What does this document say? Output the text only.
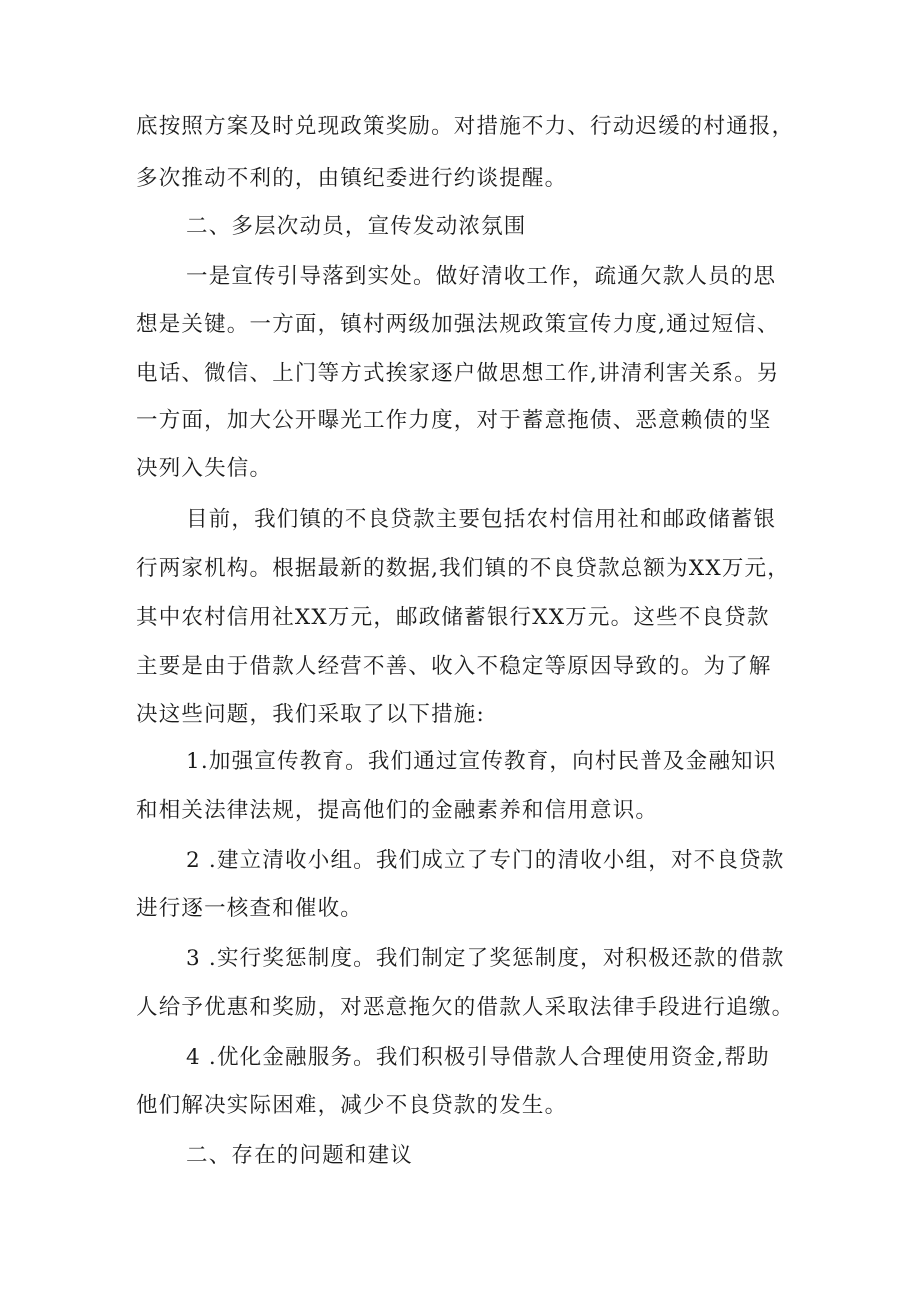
底按照方案及时兑现政策奖励。对措施不力、行动迟缓的村通报，
多次推动不利的，由镇纪委进行约谈提醒。
二、多层次动员，宣传发动浓氛围
一是宣传引导落到实处。做好清收工作，疏通欠款人员的思
想是关键。一方面，镇村两级加强法规政策宣传力度,通过短信、
电话、微信、上门等方式挨家逐户做思想工作,讲清利害关系。另
一方面，加大公开曝光工作力度，对于蓄意拖债、恶意赖债的坚
决列入失信。
目前，我们镇的不良贷款主要包括农村信用社和邮政储蓄银
行两家机构。根据最新的数据,我们镇的不良贷款总额为XX万元，
其中农村信用社XX万元，邮政储蓄银行XX万元。这些不良贷款
主要是由于借款人经营不善、收入不稳定等原因导致的。为了解
决这些问题，我们采取了以下措施:
1.加强宣传教育。我们通过宣传教育，向村民普及金融知识
和相关法律法规，提高他们的金融素养和信用意识。
2 .建立清收小组。我们成立了专门的清收小组，对不良贷款
进行逐一核查和催收。
3 .实行奖惩制度。我们制定了奖惩制度，对积极还款的借款
人给予优惠和奖励，对恶意拖欠的借款人采取法律手段进行追缴。
4 .优化金融服务。我们积极引导借款人合理使用资金,帮助
他们解决实际困难，减少不良贷款的发生。
二、存在的问题和建议
